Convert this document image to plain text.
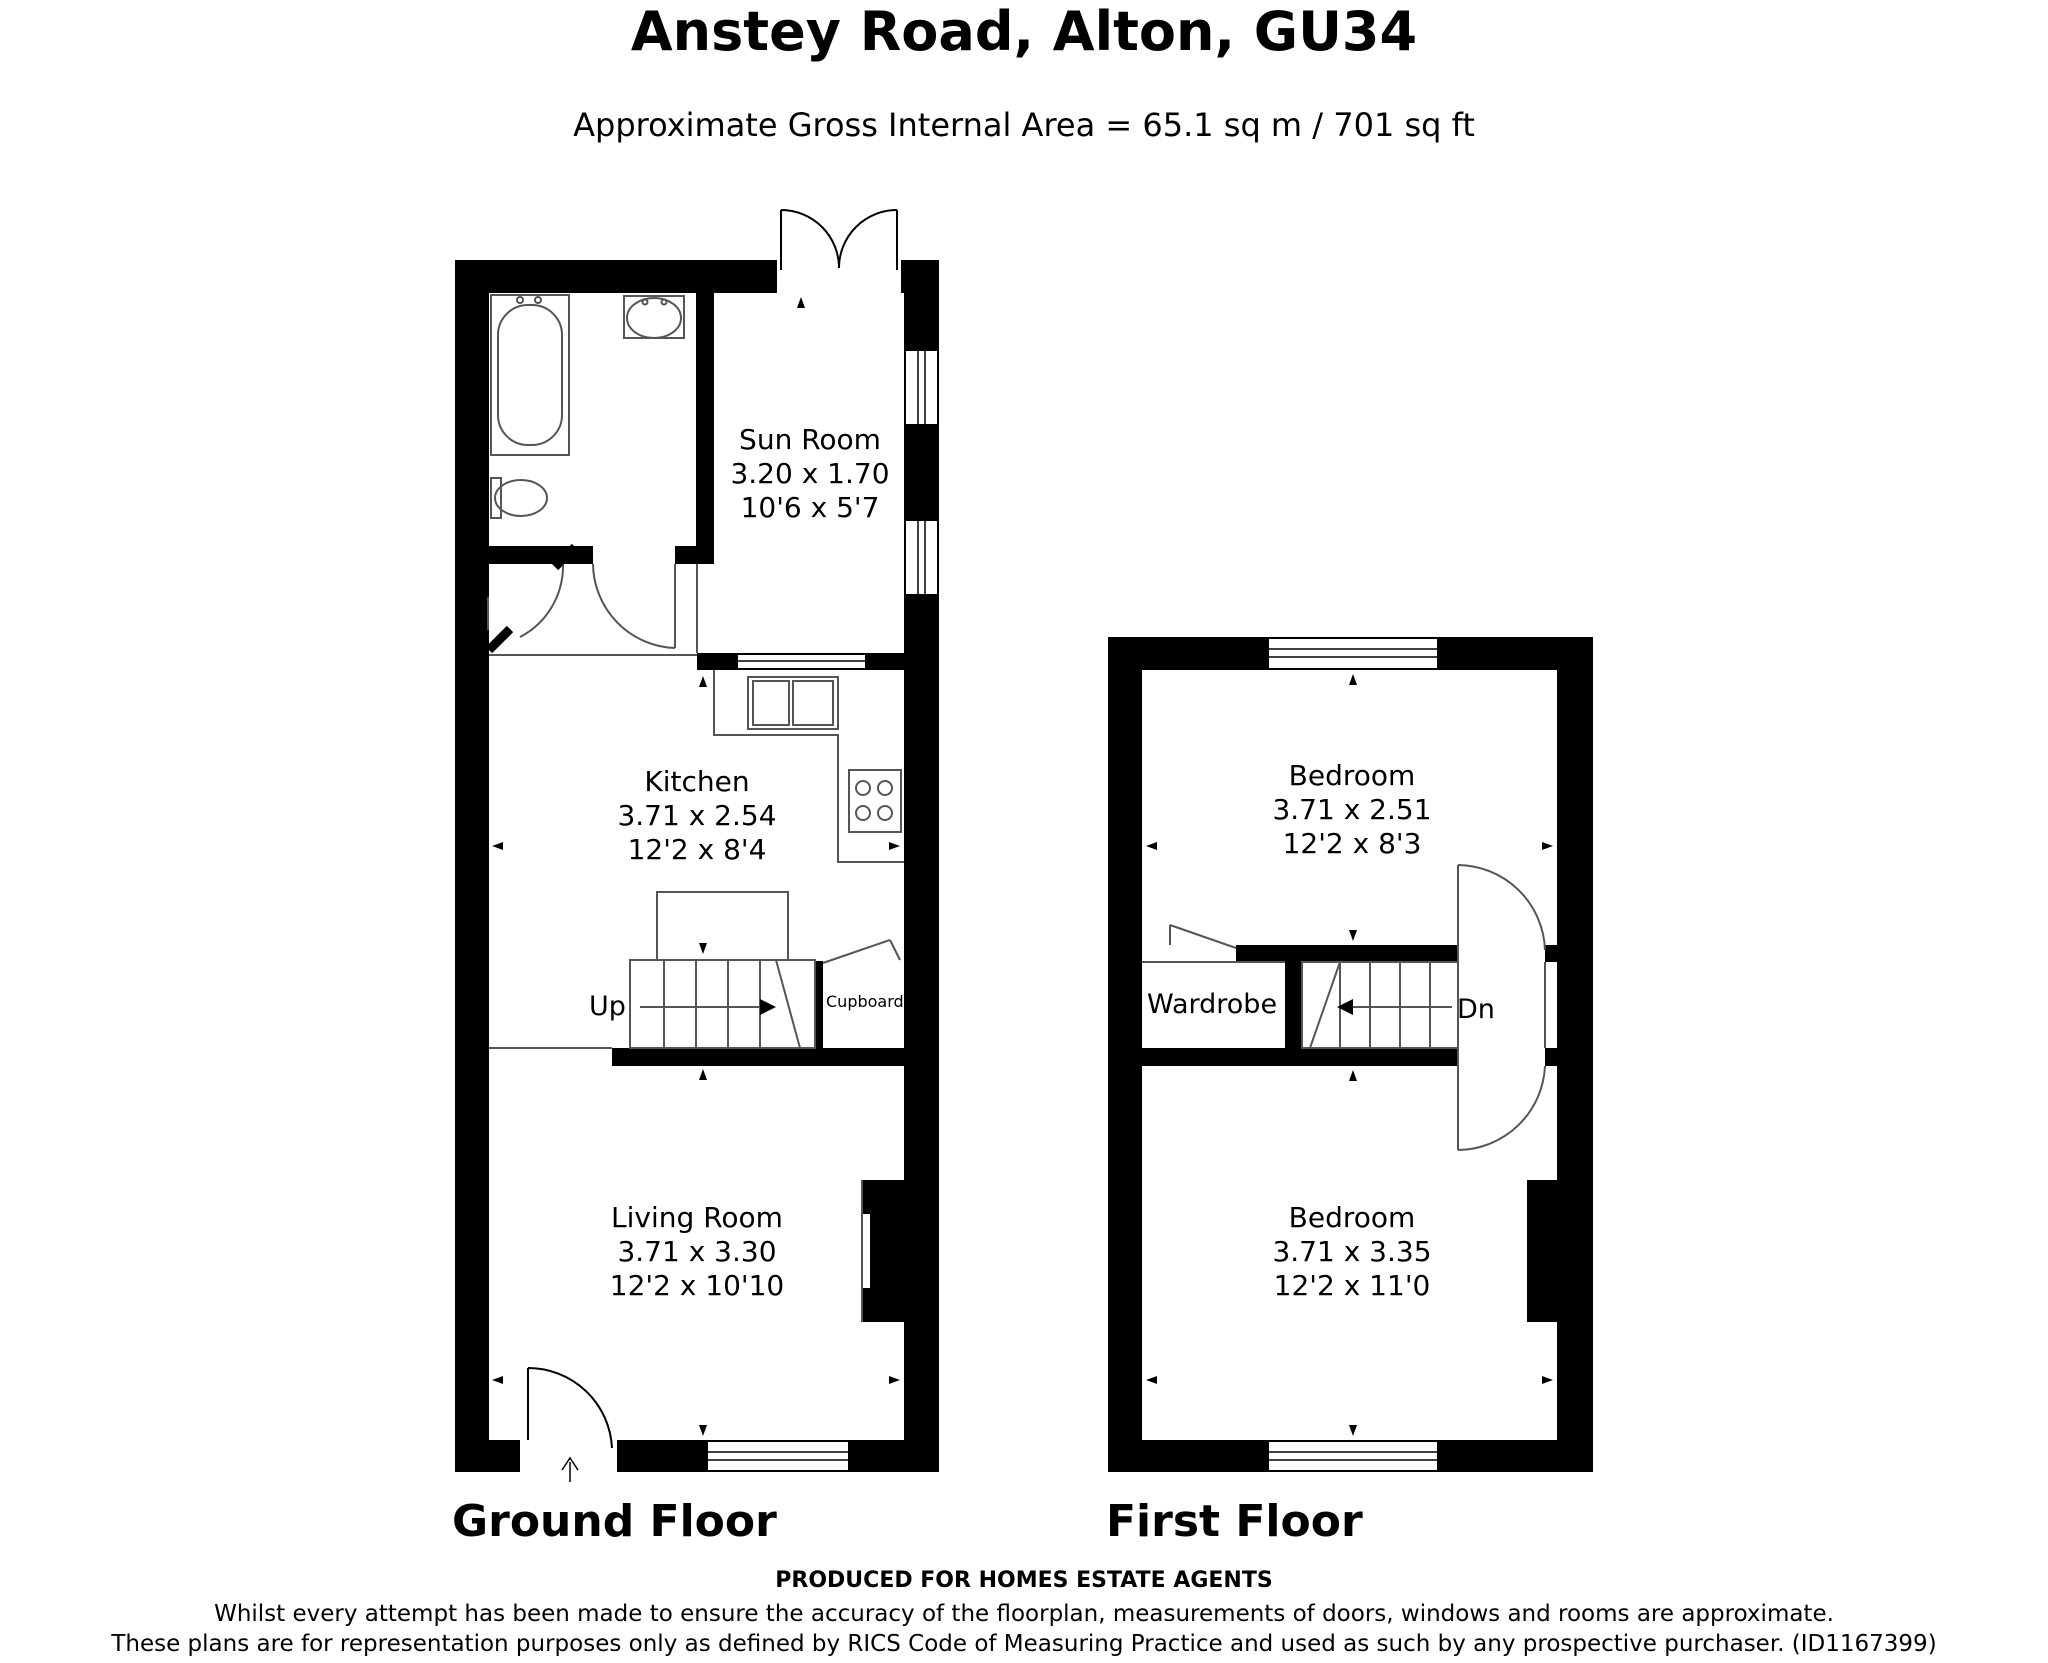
Anstey Road, Alton, GU34
Approximate Gross Internal Area = 65.1 sq m / 701 sq ft
Sun Room
3.20 x 1.70
10'6 x 5'7
Kitchen
3.71 x 2.54
12'2 x 8'4
Living Room
3.71 x 3.30
12'2 x 10'10
Cupboard
Up
Bedroom
3.71 x 2.51
12'2 x 8'3
Bedroom
3.71 x 3.35
12'2 x 11'0
Wardrobe	Dn
Ground Floor	First Floor
PRODUCED FOR HOMES ESTATE AGENTS
Whilst every attempt has been made to ensure the accuracy of the floorplan, measurements of doors, windows and rooms are approximate.
These plans are for representation purposes only as defined by RICS Code of Measuring Practice and used as such by any prospective purchaser. (ID1167399)
